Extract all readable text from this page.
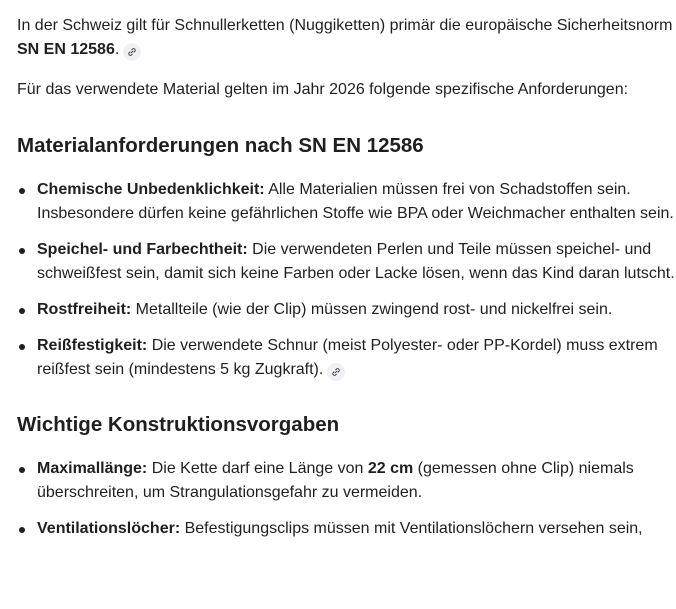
In der Schweiz gilt für Schnullerketten (Nuggiketten) primär die europäische Sicherheitsnorm SN EN 12586.

Für das verwendete Material gelten im Jahr 2026 folgende spezifische Anforderungen:

Materialanforderungen nach SN EN 12586
Chemische Unbedenklichkeit: Alle Materialien müssen frei von Schadstoffen sein. Insbesondere dürfen keine gefährlichen Stoffe wie BPA oder Weichmacher enthalten sein.
Speichel- und Farbechtheit: Die verwendeten Perlen und Teile müssen speichel- und schweißfest sein, damit sich keine Farben oder Lacke lösen, wenn das Kind daran lutscht.
Rostfreiheit: Metallteile (wie der Clip) müssen zwingend rost- und nickelfrei sein.
Reißfestigkeit: Die verwendete Schnur (meist Polyester- oder PP-Kordel) muss extrem reißfest sein (mindestens 5 kg Zugkraft).
Wichtige Konstruktionsvorgaben
Maximallänge: Die Kette darf eine Länge von 22 cm (gemessen ohne Clip) niemals überschreiten, um Strangulationsgefahr zu vermeiden.
Ventilationslöcher: Befestigungsclips müssen mit Ventilationslöchern versehen sein,
